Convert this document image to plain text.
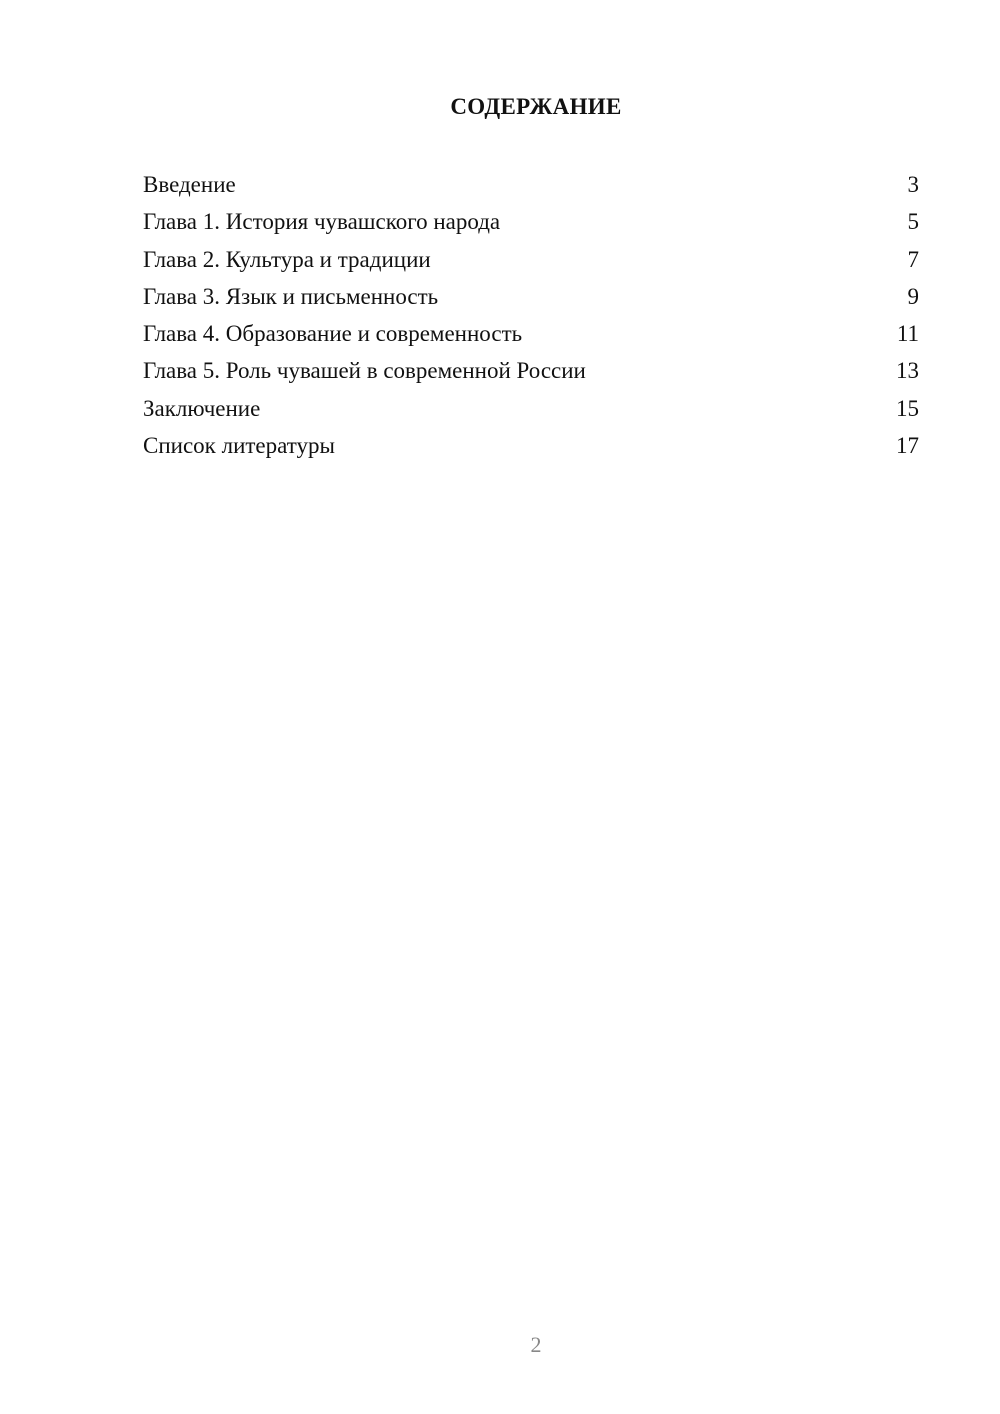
СОДЕРЖАНИЕ
Введение	3
Глава 1. История чувашского народа	5
Глава 2. Культура и традиции	7
Глава 3. Язык и письменность	9
Глава 4. Образование и современность	11
Глава 5. Роль чувашей в современной России	13
Заключение	15
Список литературы	17
2
